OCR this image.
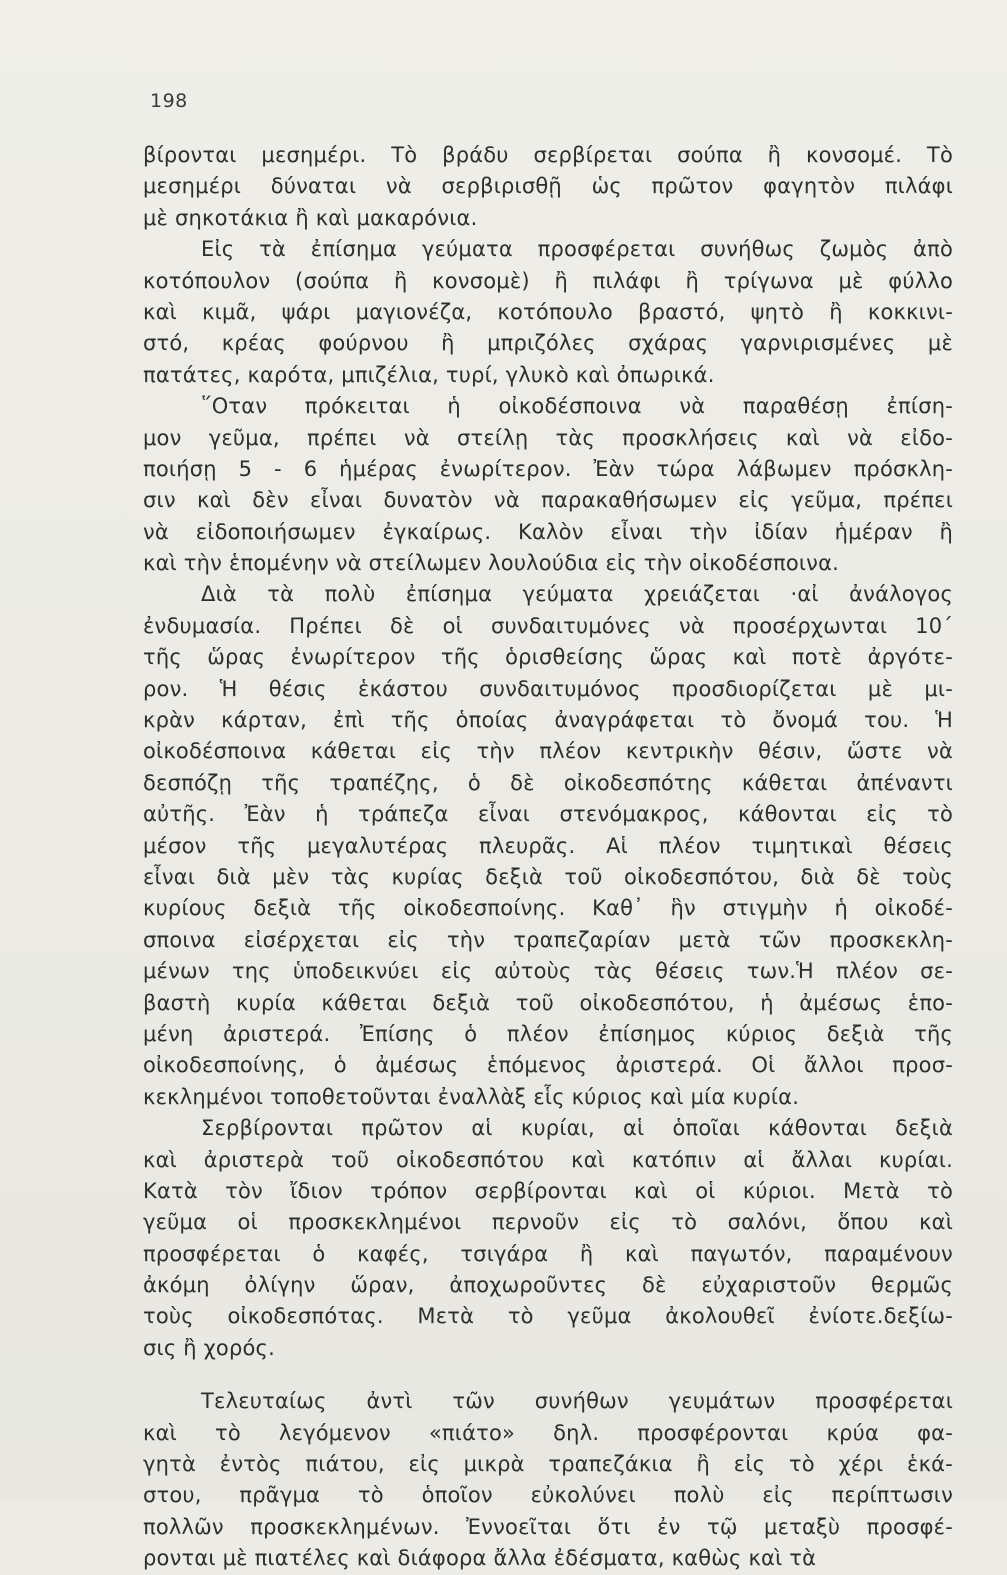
198
βίρονται μεσημέρι. Τὸ βράδυ σερβίρεται σούπα ἢ κονσομέ. Τὸ
μεσημέρι δύναται νὰ σερβιρισθῇ ὡς πρῶτον φαγητὸν πιλάφι
μὲ σηκοτάκια ἢ καὶ μακαρόνια.
Εἰς τὰ ἐπίσημα γεύματα προσφέρεται συνήθως ζωμὸς ἀπὸ
κοτόπουλον (σούπα ἢ κονσομὲ) ἢ πιλάφι ἢ τρίγωνα μὲ φύλλο
καὶ κιμᾶ, ψάρι μαγιονέζα, κοτόπουλο βραστό, ψητὸ ἢ κοκκινι-
στό, κρέας φούρνου ἢ μπριζόλες σχάρας γαρνιρισμένες μὲ
πατάτες, καρότα, μπιζέλια, τυρί, γλυκὸ καὶ ὀπωρικά.
῞Οταν πρόκειται ἡ οἰκοδέσποινα νὰ παραθέσῃ ἐπίση-
μον γεῦμα, πρέπει νὰ στείλῃ τὰς προσκλήσεις καὶ νὰ εἰδο-
ποιήσῃ 5 - 6 ἡμέρας ἐνωρίτερον. Ἐὰν τώρα λάβωμεν πρόσκλη-
σιν καὶ δὲν εἶναι δυνατὸν νὰ παρακαθήσωμεν εἰς γεῦμα, πρέπει
νὰ εἰδοποιήσωμεν ἐγκαίρως. Καλὸν εἶναι τὴν ἰδίαν ἡμέραν ἢ
καὶ τὴν ἑπομένην νὰ στείλωμεν λουλούδια εἰς τὴν οἰκοδέσποινα.
Διὰ τὰ πολὺ ἐπίσημα γεύματα χρειάζεται ·αἰ ἀνάλογος
ἐνδυμασία. Πρέπει δὲ οἱ συνδαιτυμόνες νὰ προσέρχωνται 10΄
τῆς ὥρας ἐνωρίτερον τῆς ὁρισθείσης ὥρας καὶ ποτὲ ἀργότε-
ρον. Ἡ θέσις ἑκάστου συνδαιτυμόνος προσδιορίζεται μὲ μι-
κρὰν κάρταν, ἐπὶ τῆς ὁποίας ἀναγράφεται τὸ ὄνομά του. Ἡ
οἰκοδέσποινα κάθεται εἰς τὴν πλέον κεντρικὴν θέσιν, ὥστε νὰ
δεσπόζῃ τῆς τραπέζης, ὁ δὲ οἰκοδεσπότης κάθεται ἀπέναντι
αὐτῆς. Ἐὰν ἡ τράπεζα εἶναι στενόμακρος, κάθονται εἰς τὸ
μέσον τῆς μεγαλυτέρας πλευρᾶς. Αἱ πλέον τιμητικαὶ θέσεις
εἶναι διὰ μὲν τὰς κυρίας δεξιὰ τοῦ οἰκοδεσπότου, διὰ δὲ τοὺς
κυρίους δεξιὰ τῆς οἰκοδεσποίνης. Καθ᾽ ἣν στιγμὴν ἡ οἰκοδέ-
σποινα εἰσέρχεται εἰς τὴν τραπεζαρίαν μετὰ τῶν προσκεκλη-
μένων της ὑποδεικνύει εἰς αὐτοὺς τὰς θέσεις των.Ἡ πλέον σε-
βαστὴ κυρία κάθεται δεξιὰ τοῦ οἰκοδεσπότου, ἡ ἀμέσως ἑπο-
μένη ἀριστερά. Ἐπίσης ὁ πλέον ἐπίσημος κύριος δεξιὰ τῆς
οἰκοδεσποίνης, ὁ ἀμέσως ἑπόμενος ἀριστερά. Οἱ ἄλλοι προσ-
κεκλημένοι τοποθετοῦνται ἐναλλὰξ εἷς κύριος καὶ μία κυρία.
Σερβίρονται πρῶτον αἱ κυρίαι, αἱ ὁποῖαι κάθονται δεξιὰ
καὶ ἀριστερὰ τοῦ οἰκοδεσπότου καὶ κατόπιν αἱ ἄλλαι κυρίαι.
Κατὰ τὸν ἴδιον τρόπον σερβίρονται καὶ οἱ κύριοι. Μετὰ τὸ
γεῦμα οἱ προσκεκλημένοι περνοῦν εἰς τὸ σαλόνι, ὅπου καὶ
προσφέρεται ὁ καφές, τσιγάρα ἢ καὶ παγωτόν, παραμένουν
ἀκόμη ὀλίγην ὥραν, ἀποχωροῦντες δὲ εὐχαριστοῦν θερμῶς
τοὺς οἰκοδεσπότας. Μετὰ τὸ γεῦμα ἀκολουθεῖ ἐνίοτε.δεξίω-
σις ἢ χορός.
Τελευταίως ἀντὶ τῶν συνήθων γευμάτων προσφέρεται
καὶ τὸ λεγόμενον «πιάτο» δηλ. προσφέρονται κρύα φα-
γητὰ ἐντὸς πιάτου, εἰς μικρὰ τραπεζάκια ἢ εἰς τὸ χέρι ἑκά-
στου, πρᾶγμα τὸ ὁποῖον εὐκολύνει πολὺ εἰς περίπτωσιν
πολλῶν προσκεκλημένων. Ἐννοεῖται ὅτι ἐν τῷ μεταξὺ προσφέ-
ρονται μὲ πιατέλες καὶ διάφορα ἄλλα ἐδέσματα, καθὼς καὶ τὰ
